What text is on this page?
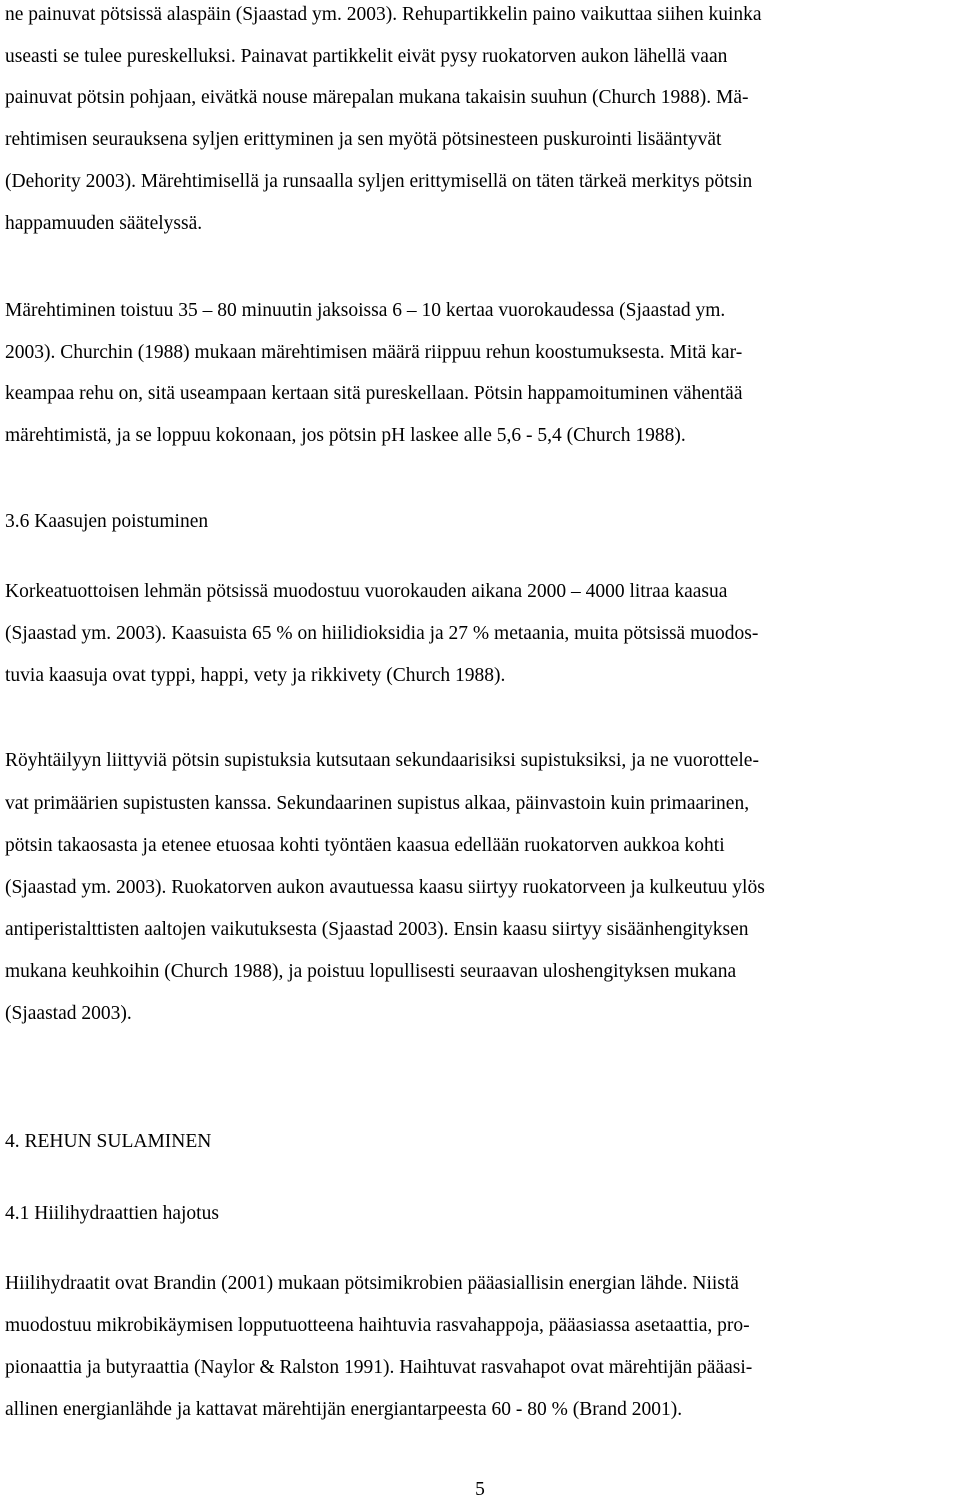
ne painuvat pötsissä alaspäin (Sjaastad ym. 2003). Rehupartikkelin paino vaikuttaa siihen kuinka
useasti se tulee pureskelluksi. Painavat partikkelit eivät pysy ruokatorven aukon lähellä vaan
painuvat pötsin pohjaan, eivätkä nouse märepalan mukana takaisin suuhun (Church 1988). Mä-
rehtimisen seurauksena syljen erittyminen ja sen myötä pötsinesteen puskurointi lisääntyvät
(Dehority 2003). Märehtimisellä ja runsaalla syljen erittymisellä on täten tärkeä merkitys pötsin
happamuuden säätelyssä.
Märehtiminen toistuu 35 – 80 minuutin jaksoissa 6 – 10 kertaa vuorokaudessa (Sjaastad ym.
2003). Churchin (1988) mukaan märehtimisen määrä riippuu rehun koostumuksesta. Mitä kar-
keampaa rehu on, sitä useampaan kertaan sitä pureskellaan. Pötsin happamoituminen vähentää
märehtimistä, ja se loppuu kokonaan, jos pötsin pH laskee alle 5,6 - 5,4 (Church 1988).
3.6 Kaasujen poistuminen
Korkeatuottoisen lehmän pötsissä muodostuu vuorokauden aikana 2000 – 4000 litraa kaasua
(Sjaastad ym. 2003). Kaasuista 65 % on hiilidioksidia ja 27 % metaania, muita pötsissä muodos-
tuvia kaasuja ovat typpi, happi, vety ja rikkivety (Church 1988).
Röyhtäilyyn liittyviä pötsin supistuksia kutsutaan sekundaarisiksi supistuksiksi, ja ne vuorottele-
vat primäärien supistusten kanssa. Sekundaarinen supistus alkaa, päinvastoin kuin primaarinen,
pötsin takaosasta ja etenee etuosaa kohti työntäen kaasua edellään ruokatorven aukkoa kohti
(Sjaastad ym. 2003). Ruokatorven aukon avautuessa kaasu siirtyy ruokatorveen ja kulkeutuu ylös
antiperistalttisten aaltojen vaikutuksesta (Sjaastad 2003). Ensin kaasu siirtyy sisäänhengityksen
mukana keuhkoihin (Church 1988), ja poistuu lopullisesti seuraavan uloshengityksen mukana
(Sjaastad 2003).
4. REHUN SULAMINEN
4.1 Hiilihydraattien hajotus
Hiilihydraatit ovat Brandin (2001) mukaan pötsimikrobien pääasiallisin energian lähde. Niistä
muodostuu mikrobikäymisen lopputuotteena haihtuvia rasvahappoja, pääasiassa asetaattia, pro-
pionaattia ja butyraattia (Naylor & Ralston 1991). Haihtuvat rasvahapot ovat märehtijän pääasi-
allinen energianlähde ja kattavat märehtijän energiantarpeesta 60 - 80 % (Brand 2001).
5
